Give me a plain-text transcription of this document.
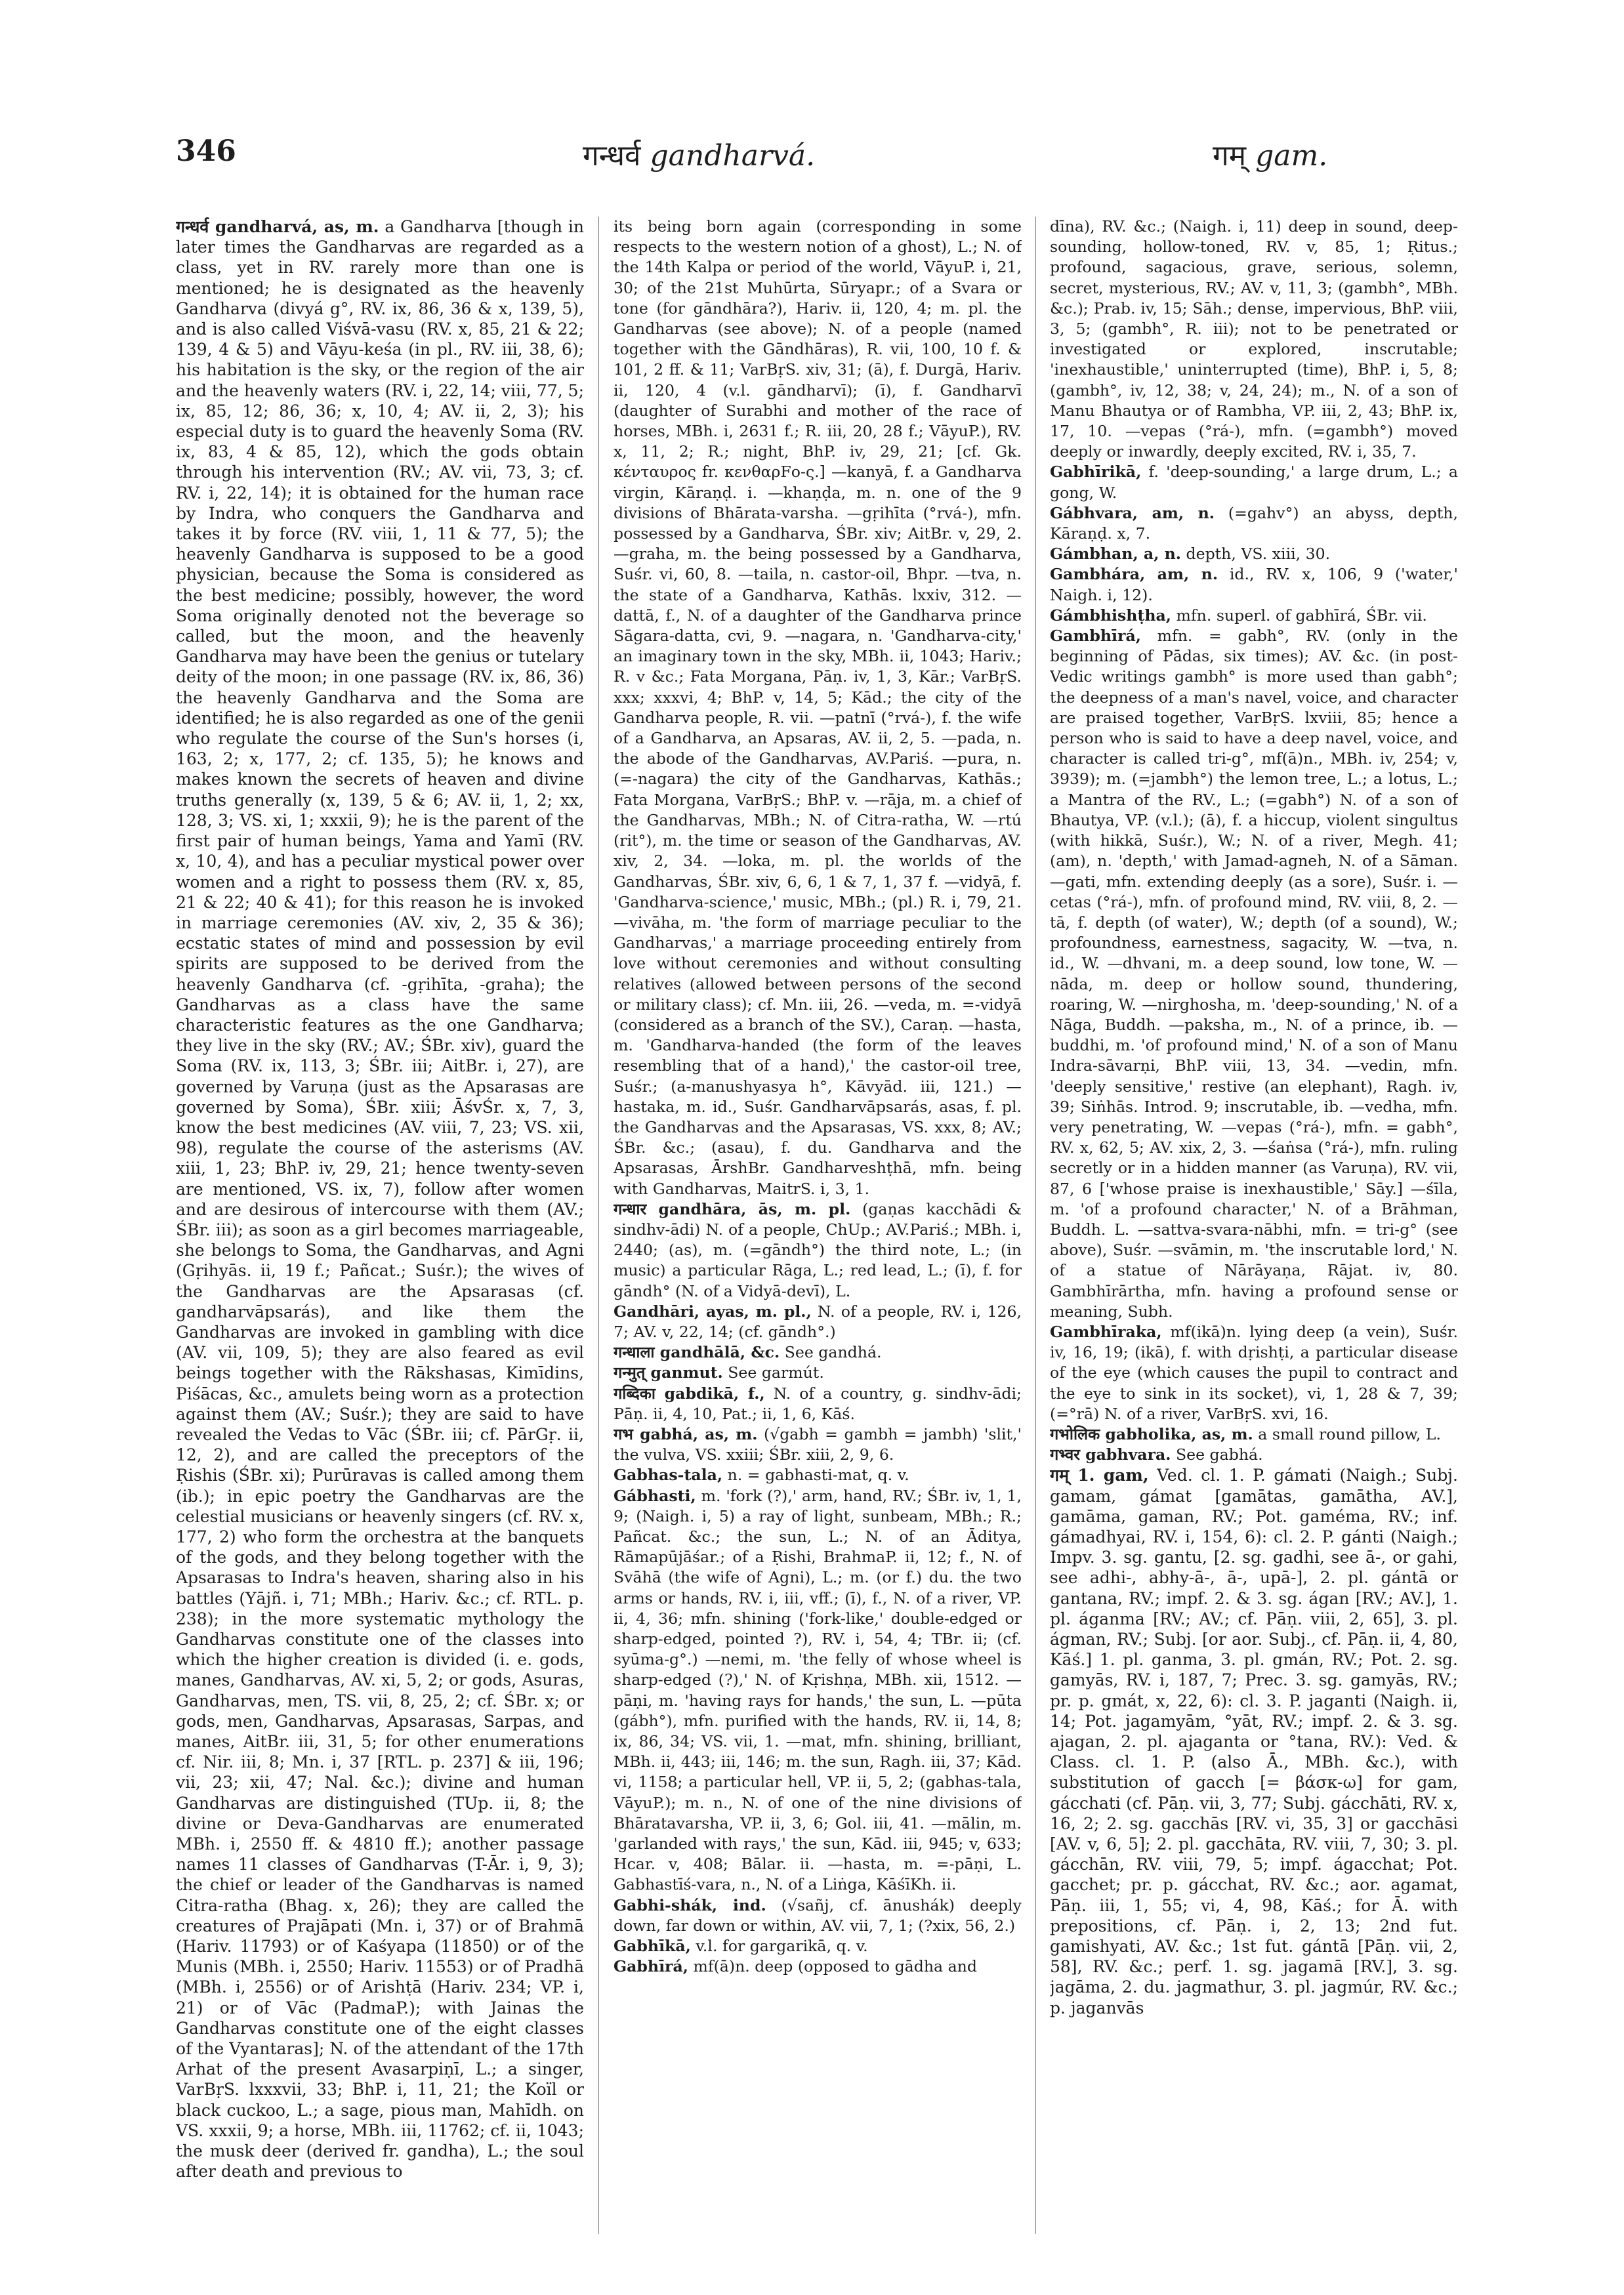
346	गन्धर्व gandharvá.	गम् gam.

गन्धर्व gandharvá, as, m. a Gandharva [though in later times the Gandharvas are regarded as a class, yet in RV. rarely more than one is mentioned; he is designated as the heavenly Gandharva (divyá g°, RV. ix, 86, 36 & x, 139, 5), and is also called Viśvā-vasu (RV. x, 85, 21 & 22; 139, 4 & 5) and Vāyu-keśa (in pl., RV. iii, 38, 6); his habitation is the sky, or the region of the air and the heavenly waters (RV. i, 22, 14; viii, 77, 5; ix, 85, 12; 86, 36; x, 10, 4; AV. ii, 2, 3); his especial duty is to guard the heavenly Soma (RV. ix, 83, 4 & 85, 12), which the gods obtain through his intervention (RV.; AV. vii, 73, 3; cf. RV. i, 22, 14); it is obtained for the human race by Indra, who conquers the Gandharva and takes it by force (RV. viii, 1, 11 & 77, 5); the heavenly Gandharva is supposed to be a good physician, because the Soma is considered as the best medicine; possibly, however, the word Soma originally denoted not the beverage so called, but the moon, and the heavenly Gandharva may have been the genius or tutelary deity of the moon; in one passage (RV. ix, 86, 36) the heavenly Gandharva and the Soma are identified; he is also regarded as one of the genii who regulate the course of the Sun's horses (i, 163, 2; x, 177, 2; cf. 135, 5); he knows and makes known the secrets of heaven and divine truths generally (x, 139, 5 & 6; AV. ii, 1, 2; xx, 128, 3; VS. xi, 1; xxxii, 9); he is the parent of the first pair of human beings, Yama and Yamī (RV. x, 10, 4), and has a peculiar mystical power over women and a right to possess them (RV. x, 85, 21 & 22; 40 & 41); for this reason he is invoked in marriage ceremonies (AV. xiv, 2, 35 & 36); ecstatic states of mind and possession by evil spirits are supposed to be derived from the heavenly Gandharva (cf. -gṛihīta, -graha); the Gandharvas as a class have the same characteristic features as the one Gandharva; they live in the sky (RV.; AV.; ŚBr. xiv), guard the Soma (RV. ix, 113, 3; ŚBr. iii; AitBr. i, 27), are governed by Varuṇa (just as the Apsarasas are governed by Soma), ŚBr. xiii; ĀśvŚr. x, 7, 3, know the best medicines (AV. viii, 7, 23; VS. xii, 98), regulate the course of the asterisms (AV. xiii, 1, 23; BhP. iv, 29, 21; hence twenty-seven are mentioned, VS. ix, 7), follow after women and are desirous of intercourse with them (AV.; ŚBr. iii); as soon as a girl becomes marriageable, she belongs to Soma, the Gandharvas, and Agni (Gṛihyās. ii, 19 f.; Pañcat.; Suśr.); the wives of the Gandharvas are the Apsarasas (cf. gandharvāpsarás), and like them the Gandharvas are invoked in gambling with dice (AV. vii, 109, 5); they are also feared as evil beings together with the Rākshasas, Kimīdins, Piśācas, &c., amulets being worn as a protection against them (AV.; Suśr.); they are said to have revealed the Vedas to Vāc (ŚBr. iii; cf. PārGṛ. ii, 12, 2), and are called the preceptors of the Ṛishis (ŚBr. xi); Purūravas is called among them (ib.); in epic poetry the Gandharvas are the celestial musicians or heavenly singers (cf. RV. x, 177, 2) who form the orchestra at the banquets of the gods, and they belong together with the Apsarasas to Indra's heaven, sharing also in his battles (Yājñ. i, 71; MBh.; Hariv. &c.; cf. RTL. p. 238); in the more systematic mythology the Gandharvas constitute one of the classes into which the higher creation is divided (i. e. gods, manes, Gandharvas, AV. xi, 5, 2; or gods, Asuras, Gandharvas, men, TS. vii, 8, 25, 2; cf. ŚBr. x; or gods, men, Gandharvas, Apsarasas, Sarpas, and manes, AitBr. iii, 31, 5; for other enumerations cf. Nir. iii, 8; Mn. i, 37 [RTL. p. 237] & iii, 196; vii, 23; xii, 47; Nal. &c.); divine and human Gandharvas are distinguished (TUp. ii, 8; the divine or Deva-Gandharvas are enumerated MBh. i, 2550 ff. & 4810 ff.); another passage names 11 classes of Gandharvas (T-Ār. i, 9, 3); the chief or leader of the Gandharvas is named Citra-ratha (Bhag. x, 26); they are called the creatures of Prajāpati (Mn. i, 37) or of Brahmā (Hariv. 11793) or of Kaśyapa (11850) or of the Munis (MBh. i, 2550; Hariv. 11553) or of Pradhā (MBh. i, 2556) or of Arishṭā (Hariv. 234; VP. i, 21) or of Vāc (PadmaP.); with Jainas the Gandharvas constitute one of the eight classes of the Vyantaras]; N. of the attendant of the 17th Arhat of the present Avasarpiṇī, L.; a singer, VarBṛS. lxxxvii, 33; BhP. i, 11, 21; the Koïl or black cuckoo, L.; a sage, pious man, Mahīdh. on VS. xxxii, 9; a horse, MBh. iii, 11762; cf. ii, 1043; the musk deer (derived fr. gandha), L.; the soul after death and previous to

its being born again (corresponding in some respects to the western notion of a ghost), L.; N. of the 14th Kalpa or period of the world, VāyuP. i, 21, 30; of the 21st Muhūrta, Sūryapr.; of a Svara or tone (for gāndhāra?), Hariv. ii, 120, 4; m. pl. the Gandharvas (see above); N. of a people (named together with the Gāndhāras), R. vii, 100, 10 f. & 101, 2 ff. & 11; VarBṛS. xiv, 31; (ā), f. Durgā, Hariv. ii, 120, 4 (v.l. gāndharvī); (ī), f. Gandharvī (daughter of Surabhi and mother of the race of horses, MBh. i, 2631 f.; R. iii, 20, 28 f.; VāyuP.), RV. x, 11, 2; R.; night, BhP. iv, 29, 21; [cf. Gk. κένταυρος fr. κενθαρFο-ς.] —kanyā, f. a Gandharva virgin, Kāraṇḍ. i. —khaṇḍa, m. n. one of the 9 divisions of Bhārata-varsha. —gṛihīta (°rvá-), mfn. possessed by a Gandharva, ŚBr. xiv; AitBr. v, 29, 2. —graha, m. the being possessed by a Gandharva, Suśr. vi, 60, 8. —taila, n. castor-oil, Bhpr. —tva, n. the state of a Gandharva, Kathās. lxxiv, 312. —dattā, f., N. of a daughter of the Gandharva prince Sāgara-datta, cvi, 9. —nagara, n. 'Gandharva-city,' an imaginary town in the sky, MBh. ii, 1043; Hariv.; R. v &c.; Fata Morgana, Pāṇ. iv, 1, 3, Kār.; VarBṛS. xxx; xxxvi, 4; BhP. v, 14, 5; Kād.; the city of the Gandharva people, R. vii. —patnī (°rvá-), f. the wife of a Gandharva, an Apsaras, AV. ii, 2, 5. —pada, n. the abode of the Gandharvas, AV.Pariś. —pura, n. (=-nagara) the city of the Gandharvas, Kathās.; Fata Morgana, VarBṛS.; BhP. v. —rāja, m. a chief of the Gandharvas, MBh.; N. of Citra-ratha, W. —rtú (rit°), m. the time or season of the Gandharvas, AV. xiv, 2, 34. —loka, m. pl. the worlds of the Gandharvas, ŚBr. xiv, 6, 6, 1 & 7, 1, 37 f. —vidyā, f. 'Gandharva-science,' music, MBh.; (pl.) R. i, 79, 21. —vivāha, m. 'the form of marriage peculiar to the Gandharvas,' a marriage proceeding entirely from love without ceremonies and without consulting relatives (allowed between persons of the second or military class); cf. Mn. iii, 26. —veda, m. =-vidyā (considered as a branch of the SV.), Caraṇ. —hasta, m. 'Gandharva-handed (the form of the leaves resembling that of a hand),' the castor-oil tree, Suśr.; (a-manushyasya h°, Kāvyād. iii, 121.) —hastaka, m. id., Suśr. Gandharvāpsarás, asas, f. pl. the Gandharvas and the Apsarasas, VS. xxx, 8; AV.; ŚBr. &c.; (asau), f. du. Gandharva and the Apsarasas, ĀrshBr. Gandharveshṭhā, mfn. being with Gandharvas, MaitrS. i, 3, 1.

गन्धार gandhāra, ās, m. pl. (gaṇas kacchādi & sindhv-ādi) N. of a people, ChUp.; AV.Pariś.; MBh. i, 2440; (as), m. (=gāndh°) the third note, L.; (in music) a particular Rāga, L.; red lead, L.; (ī), f. for gāndh° (N. of a Vidyā-devī), L.

Gandhāri, ayas, m. pl., N. of a people, RV. i, 126, 7; AV. v, 22, 14; (cf. gāndh°.)

गन्धाला gandhālā, &c. See gandhá.

गन्मुत् ganmut. See garmút.

गब्दिका gabdikā, f., N. of a country, g. sindhv-ādi; Pāṇ. ii, 4, 10, Pat.; ii, 1, 6, Kāś.

गभ gabhá, as, m. (√gabh = gambh = jambh) 'slit,' the vulva, VS. xxiii; ŚBr. xiii, 2, 9, 6.

Gabhas-tala, n. = gabhasti-mat, q. v.

Gábhasti, m. 'fork (?),' arm, hand, RV.; ŚBr. iv, 1, 1, 9; (Naigh. i, 5) a ray of light, sunbeam, MBh.; R.; Pañcat. &c.; the sun, L.; N. of an Āditya, Rāmapūjāśar.; of a Ṛishi, BrahmaP. ii, 12; f., N. of Svāhā (the wife of Agni), L.; m. (or f.) du. the two arms or hands, RV. i, iii, vff.; (ī), f., N. of a river, VP. ii, 4, 36; mfn. shining ('fork-like,' double-edged or sharp-edged, pointed ?), RV. i, 54, 4; TBr. ii; (cf. syūma-g°.) —nemi, m. 'the felly of whose wheel is sharp-edged (?),' N. of Kṛishṇa, MBh. xii, 1512. —pāṇi, m. 'having rays for hands,' the sun, L. —pūta (gábh°), mfn. purified with the hands, RV. ii, 14, 8; ix, 86, 34; VS. vii, 1. —mat, mfn. shining, brilliant, MBh. ii, 443; iii, 146; m. the sun, Ragh. iii, 37; Kād. vi, 1158; a particular hell, VP. ii, 5, 2; (gabhas-tala, VāyuP.); m. n., N. of one of the nine divisions of Bhāratavarsha, VP. ii, 3, 6; Gol. iii, 41. —mālin, m. 'garlanded with rays,' the sun, Kād. iii, 945; v, 633; Hcar. v, 408; Bālar. ii. —hasta, m. =-pāṇi, L. Gabhastīś-vara, n., N. of a Liṅga, KāśīKh. ii.

Gabhi-shák, ind. (√sañj, cf. ānushák) deeply down, far down or within, AV. vii, 7, 1; (?xix, 56, 2.)

Gabhīkā, v.l. for gargarikā, q. v.

Gabhīrá, mf(ā)n. deep (opposed to gādha and

dīna), RV. &c.; (Naigh. i, 11) deep in sound, deep-sounding, hollow-toned, RV. v, 85, 1; Ṛitus.; profound, sagacious, grave, serious, solemn, secret, mysterious, RV.; AV. v, 11, 3; (gambh°, MBh. &c.); Prab. iv, 15; Sāh.; dense, impervious, BhP. viii, 3, 5; (gambh°, R. iii); not to be penetrated or investigated or explored, inscrutable; 'inexhaustible,' uninterrupted (time), BhP. i, 5, 8; (gambh°, iv, 12, 38; v, 24, 24); m., N. of a son of Manu Bhautya or of Rambha, VP. iii, 2, 43; BhP. ix, 17, 10. —vepas (°rá-), mfn. (=gambh°) moved deeply or inwardly, deeply excited, RV. i, 35, 7.

Gabhīrikā, f. 'deep-sounding,' a large drum, L.; a gong, W.

Gábhvara, am, n. (=gahv°) an abyss, depth, Kāraṇḍ. x, 7.

Gámbhan, a, n. depth, VS. xiii, 30.

Gambhára, am, n. id., RV. x, 106, 9 ('water,' Naigh. i, 12).

Gámbhishṭha, mfn. superl. of gabhīrá, ŚBr. vii.

Gambhīrá, mfn. = gabh°, RV. (only in the beginning of Pādas, six times); AV. &c. (in post-Vedic writings gambh° is more used than gabh°; the deepness of a man's navel, voice, and character are praised together, VarBṛS. lxviii, 85; hence a person who is said to have a deep navel, voice, and character is called tri-g°, mf(ā)n., MBh. iv, 254; v, 3939); m. (=jambh°) the lemon tree, L.; a lotus, L.; a Mantra of the RV., L.; (=gabh°) N. of a son of Bhautya, VP. (v.l.); (ā), f. a hiccup, violent singultus (with hikkā, Suśr.), W.; N. of a river, Megh. 41; (am), n. 'depth,' with Jamad-agneh, N. of a Sāman. —gati, mfn. extending deeply (as a sore), Suśr. i. —cetas (°rá-), mfn. of profound mind, RV. viii, 8, 2. —tā, f. depth (of water), W.; depth (of a sound), W.; profoundness, earnestness, sagacity, W. —tva, n. id., W. —dhvani, m. a deep sound, low tone, W. —nāda, m. deep or hollow sound, thundering, roaring, W. —nirghosha, m. 'deep-sounding,' N. of a Nāga, Buddh. —paksha, m., N. of a prince, ib. —buddhi, m. 'of profound mind,' N. of a son of Manu Indra-sāvarṇi, BhP. viii, 13, 34. —vedin, mfn. 'deeply sensitive,' restive (an elephant), Ragh. iv, 39; Siṅhās. Introd. 9; inscrutable, ib. —vedha, mfn. very penetrating, W. —vepas (°rá-), mfn. = gabh°, RV. x, 62, 5; AV. xix, 2, 3. —śaṅsa (°rá-), mfn. ruling secretly or in a hidden manner (as Varuṇa), RV. vii, 87, 6 ['whose praise is inexhaustible,' Sāy.] —śīla, m. 'of a profound character,' N. of a Brāhman, Buddh. L. —sattva-svara-nābhi, mfn. = tri-g° (see above), Suśr. —svāmin, m. 'the inscrutable lord,' N. of a statue of Nārāyaṇa, Rājat. iv, 80. Gambhīrārtha, mfn. having a profound sense or meaning, Subh.

Gambhīraka, mf(ikā)n. lying deep (a vein), Suśr. iv, 16, 19; (ikā), f. with dṛishṭi, a particular disease of the eye (which causes the pupil to contract and the eye to sink in its socket), vi, 1, 28 & 7, 39; (=°rā) N. of a river, VarBṛS. xvi, 16.

गभोलिक gabholika, as, m. a small round pillow, L.

गभ्वर gabhvara. See gabhá.

गम् 1. gam, Ved. cl. 1. P. gámati (Naigh.; Subj. gamam, gámat [gamātas, gamātha, AV.], gamāma, gaman, RV.; Pot. gaméma, RV.; inf. gámadhyai, RV. i, 154, 6): cl. 2. P. gánti (Naigh.; Impv. 3. sg. gantu, [2. sg. gadhi, see ā-, or gahi, see adhi-, abhy-ā-, ā-, upā-], 2. pl. gántā or gantana, RV.; impf. 2. & 3. sg. ágan [RV.; AV.], 1. pl. áganma [RV.; AV.; cf. Pāṇ. viii, 2, 65], 3. pl. ágman, RV.; Subj. [or aor. Subj., cf. Pāṇ. ii, 4, 80, Kāś.] 1. pl. ganma, 3. pl. gmán, RV.; Pot. 2. sg. gamyās, RV. i, 187, 7; Prec. 3. sg. gamyās, RV.; pr. p. gmát, x, 22, 6): cl. 3. P. jaganti (Naigh. ii, 14; Pot. jagamyām, °yāt, RV.; impf. 2. & 3. sg. ajagan, 2. pl. ajaganta or °tana, RV.): Ved. & Class. cl. 1. P. (also Ā., MBh. &c.), with substitution of gacch [= βάσκ-ω] for gam, gácchati (cf. Pāṇ. vii, 3, 77; Subj. gácchāti, RV. x, 16, 2; 2. sg. gacchās [RV. vi, 35, 3] or gacchāsi [AV. v, 6, 5]; 2. pl. gacchāta, RV. viii, 7, 30; 3. pl. gácchān, RV. viii, 79, 5; impf. ágacchat; Pot. gacchet; pr. p. gácchat, RV. &c.; aor. agamat, Pāṇ. iii, 1, 55; vi, 4, 98, Kāś.; for Ā. with prepositions, cf. Pāṇ. i, 2, 13; 2nd fut. gamishyati, AV. &c.; 1st fut. gántā [Pāṇ. vii, 2, 58], RV. &c.; perf. 1. sg. jagamā [RV.], 3. sg. jagāma, 2. du. jagmathur, 3. pl. jagmúr, RV. &c.; p. jaganvās
